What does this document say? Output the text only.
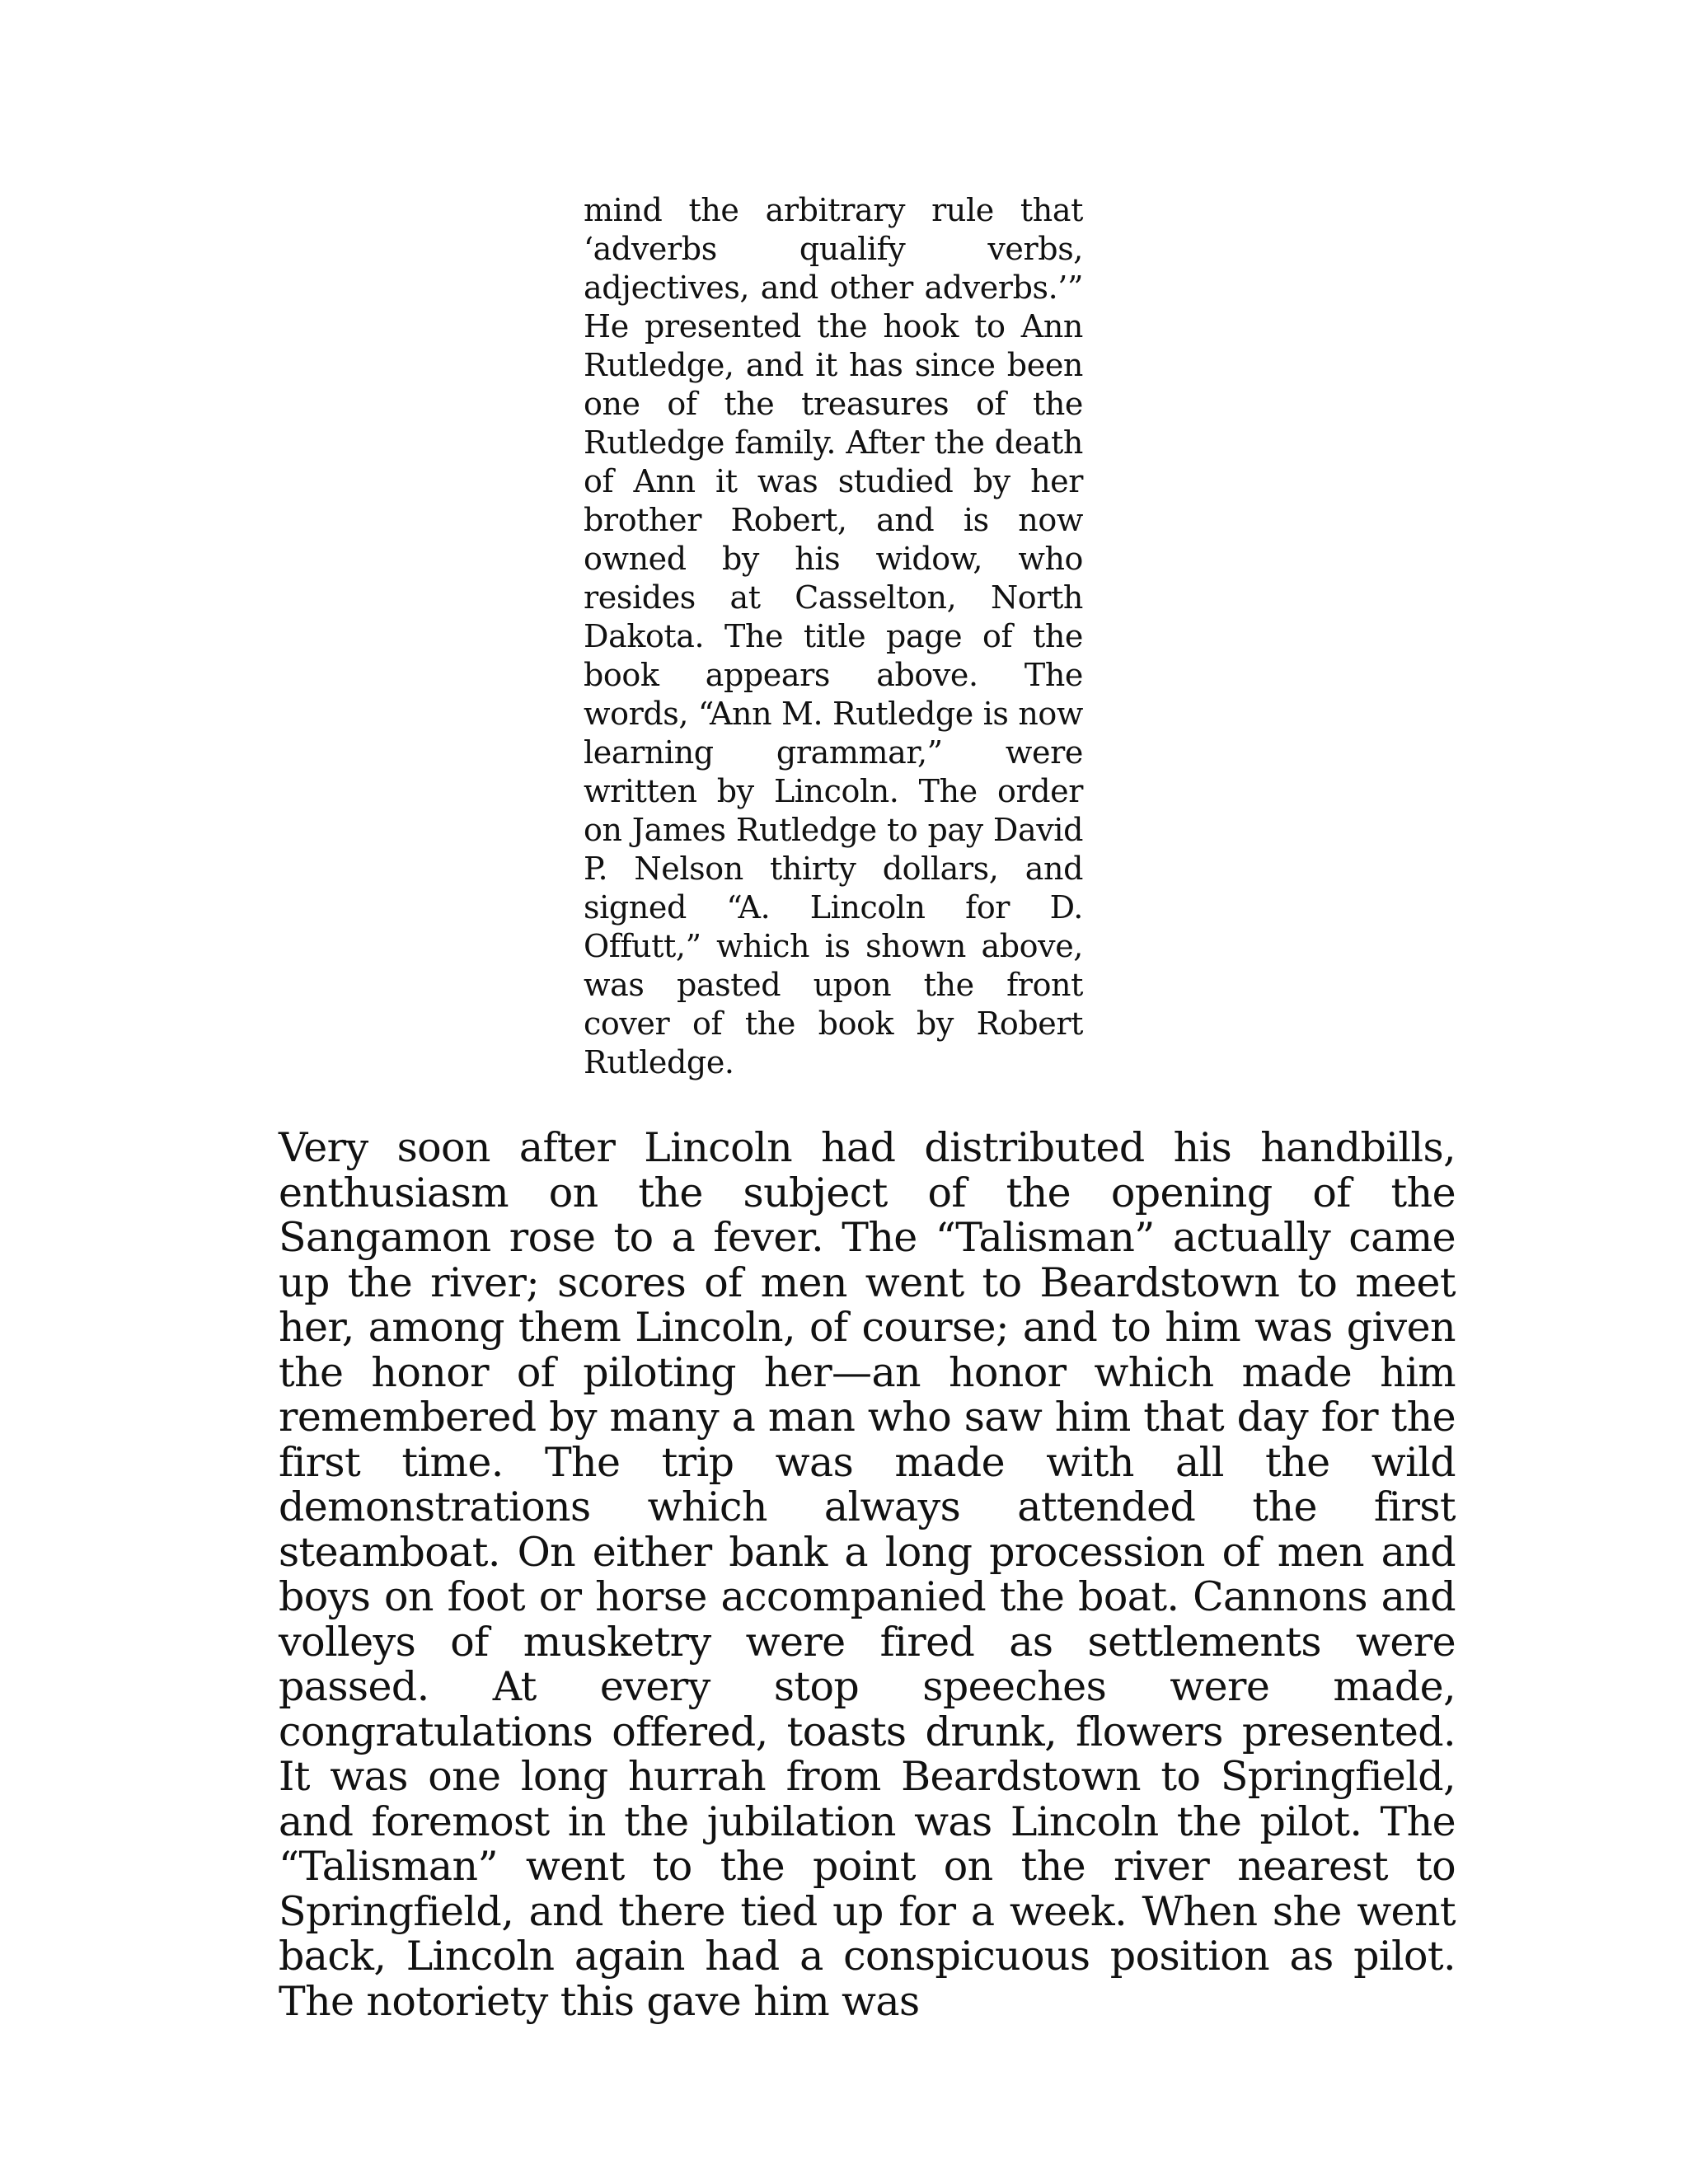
mind the arbitrary rule that ‘adverbs qualify verbs, adjectives, and other adverbs.’” He presented the hook to Ann Rutledge, and it has since been one of the treasures of the Rutledge family. After the death of Ann it was studied by her brother Robert, and is now owned by his widow, who resides at Casselton, North Dakota. The title page of the book appears above. The words, “Ann M. Rutledge is now learning grammar,” were written by Lincoln. The order on James Rutledge to pay David P. Nelson thirty dollars, and signed “A. Lincoln for D. Offutt,” which is shown above, was pasted upon the front cover of the book by Robert Rutledge.

Very soon after Lincoln had distributed his handbills, enthusiasm on the subject of the opening of the Sangamon rose to a fever. The “Talisman” actually came up the river; scores of men went to Beardstown to meet her, among them Lincoln, of course; and to him was given the honor of piloting her—an honor which made him remembered by many a man who saw him that day for the first time. The trip was made with all the wild demonstrations which always attended the first steamboat. On either bank a long procession of men and boys on foot or horse accompanied the boat. Cannons and volleys of musketry were fired as settlements were passed. At every stop speeches were made, congratulations offered, toasts drunk, flowers presented. It was one long hurrah from Beardstown to Springfield, and foremost in the jubilation was Lincoln the pilot. The “Talisman” went to the point on the river nearest to Springfield, and there tied up for a week. When she went back, Lincoln again had a conspicuous position as pilot. The notoriety this gave him was
